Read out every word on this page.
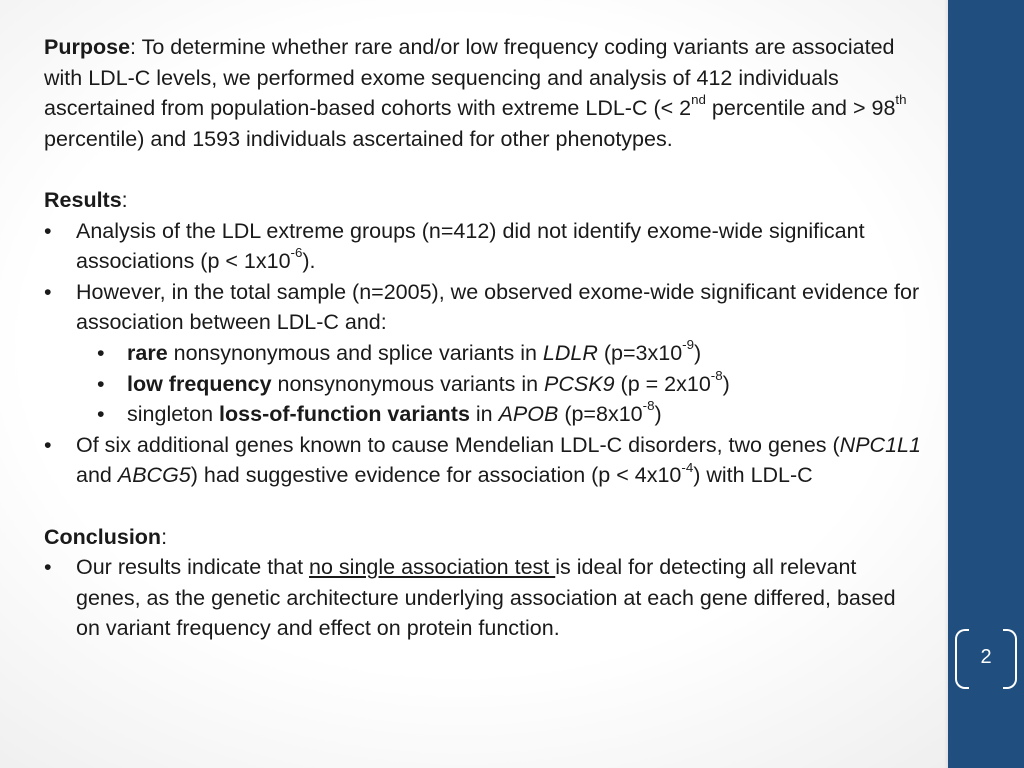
Purpose: To determine whether rare and/or low frequency coding variants are associated with LDL-C levels, we performed exome sequencing and analysis of 412 individuals ascertained from population-based cohorts with extreme LDL-C (< 2nd percentile and > 98th percentile) and 1593 individuals ascertained for other phenotypes.

Results:

• Analysis of the LDL extreme groups (n=412) did not identify exome-wide significant associations $(p < 1x10^{-6})$.
• However, in the total sample (n=2005), we observed exome-wide significant evidence for association between LDL-C and:
• rare nonsynonymous and splice variants in LDLR $(p=3x10^{-9})$
• low frequency nonsynonymous variants in PCSK9 $(p = 2x10^{-8})$
• singleton loss-of-function variants in APOB $(p=8x10^{-8})$
• Of six additional genes known to cause Mendelian LDL-C disorders, two genes (NPC1L1 and ABCG5) had suggestive evidence for association $(p < 4x10^{-4})$ with LDL-C

Conclusion:

• Our results indicate that no single association test is ideal for detecting all relevant genes, as the genetic architecture underlying association at each gene differed, based on variant frequency and effect on protein function.
2
